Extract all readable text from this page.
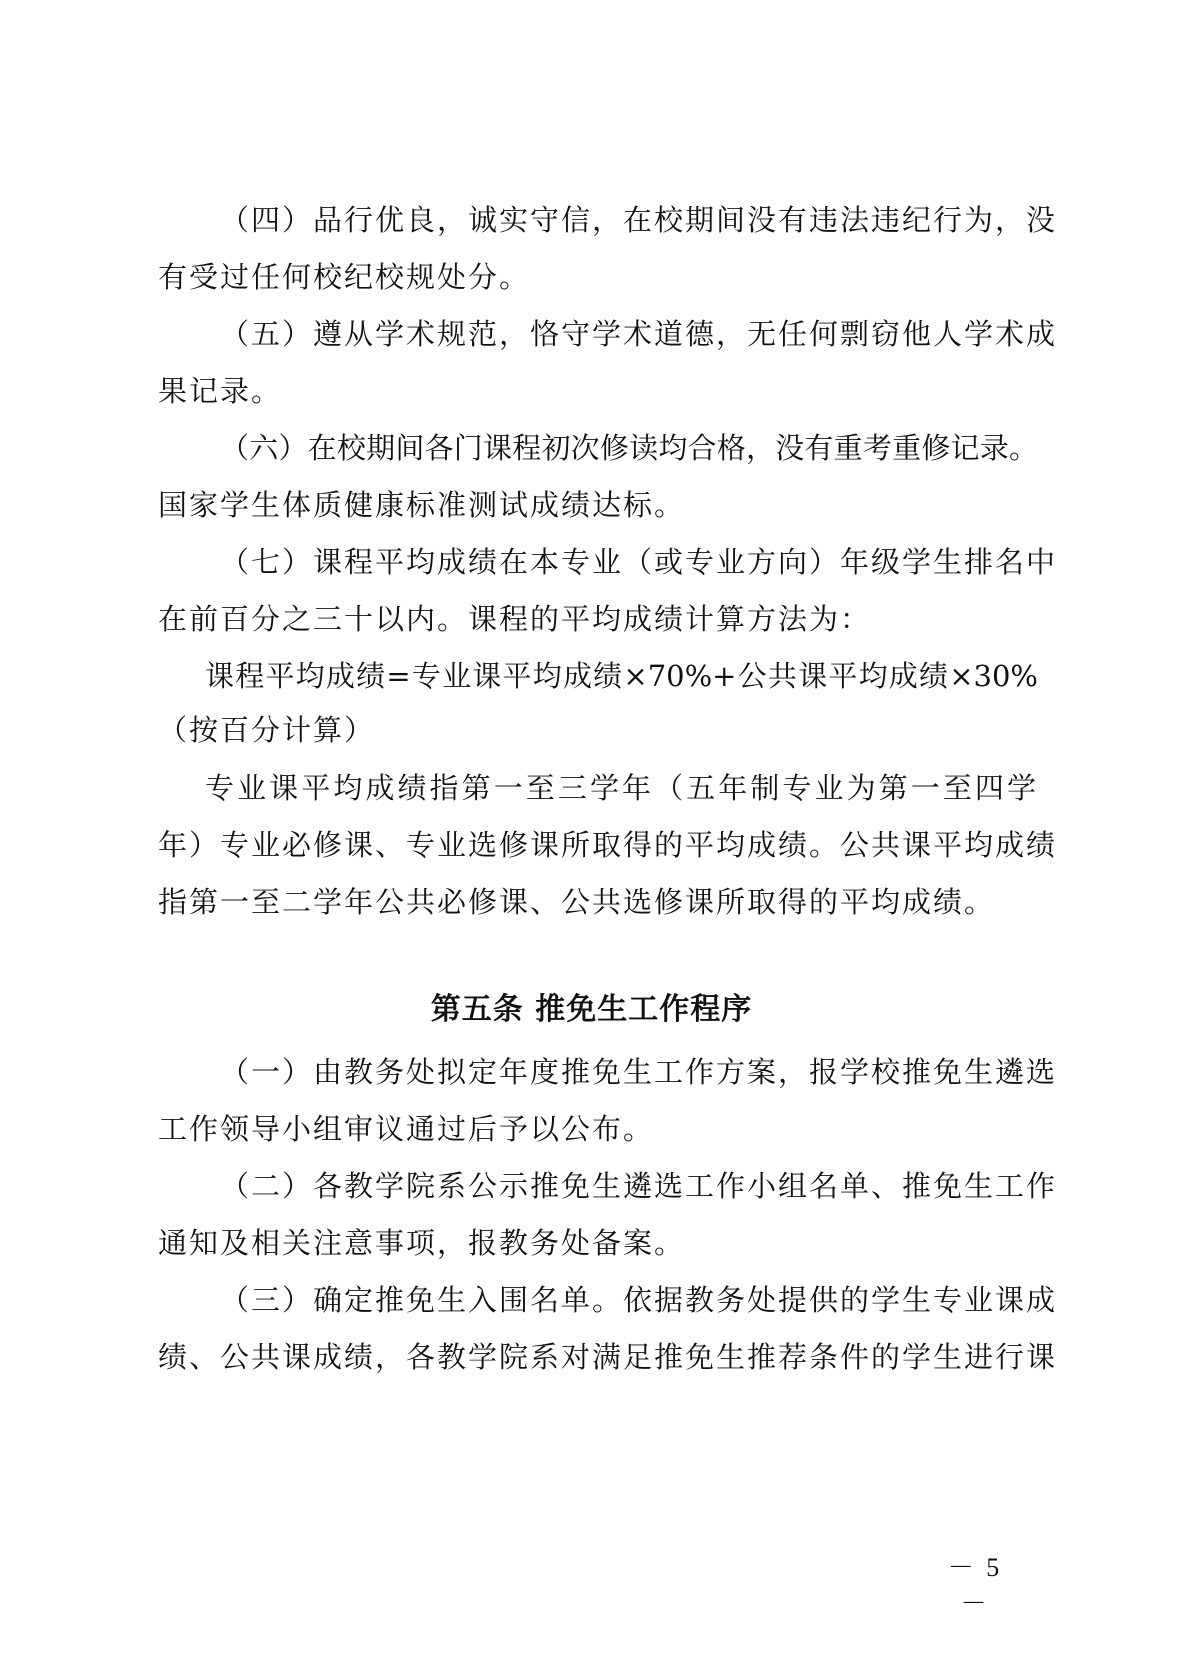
（四）品行优良，诚实守信，在校期间没有违法违纪行为，没
有受过任何校纪校规处分。
（五）遵从学术规范，恪守学术道德，无任何剽窃他人学术成
果记录。
（六）在校期间各门课程初次修读均合格，没有重考重修记录。
国家学生体质健康标准测试成绩达标。
（七）课程平均成绩在本专业（或专业方向）年级学生排名中
在前百分之三十以内。课程的平均成绩计算方法为：
课程平均成绩=专业课平均成绩×70%+公共课平均成绩×30%
（按百分计算）
专业课平均成绩指第一至三学年（五年制专业为第一至四学
年）专业必修课、专业选修课所取得的平均成绩。公共课平均成绩
指第一至二学年公共必修课、公共选修课所取得的平均成绩。
第五条 推免生工作程序
（一）由教务处拟定年度推免生工作方案，报学校推免生遴选
工作领导小组审议通过后予以公布。
（二）各教学院系公示推免生遴选工作小组名单、推免生工作
通知及相关注意事项，报教务处备案。
（三）确定推免生入围名单。依据教务处提供的学生专业课成
绩、公共课成绩，各教学院系对满足推免生推荐条件的学生进行课
－ 5 －
